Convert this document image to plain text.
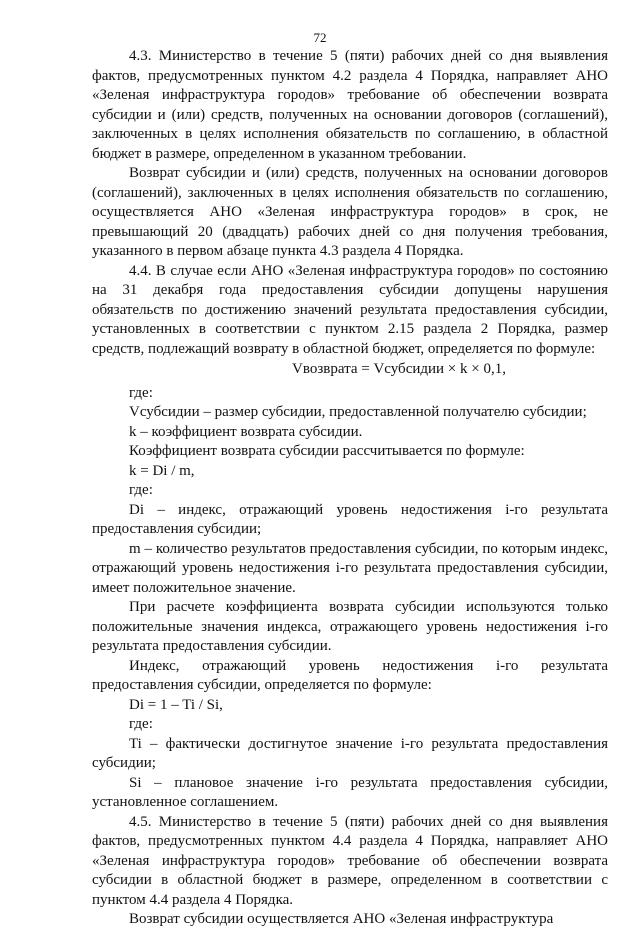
72

4.3. Министерство в течение 5 (пяти) рабочих дней со дня выявления фактов, предусмотренных пунктом 4.2 раздела 4 Порядка, направляет АНО «Зеленая инфраструктура городов» требование об обеспечении возврата субсидии и (или) средств, полученных на основании договоров (соглашений), заключенных в целях исполнения обязательств по соглашению, в областной бюджет в размере, определенном в указанном требовании.

Возврат субсидии и (или) средств, полученных на основании договоров (соглашений), заключенных в целях исполнения обязательств по соглашению, осуществляется АНО «Зеленая инфраструктура городов» в срок, не превышающий 20 (двадцать) рабочих дней со дня получения требования, указанного в первом абзаце пункта 4.3 раздела 4 Порядка.

4.4. В случае если АНО «Зеленая инфраструктура городов» по состоянию на 31 декабря года предоставления субсидии допущены нарушения обязательств по достижению значений результата предоставления субсидии, установленных в соответствии с пунктом 2.15 раздела 2 Порядка, размер средств, подлежащий возврату в областной бюджет, определяется по формуле:

Vвозврата = Vсубсидии × k × 0,1,

где:

Vсубсидии – размер субсидии, предоставленной получателю субсидии;

k – коэффициент возврата субсидии.

Коэффициент возврата субсидии рассчитывается по формуле:

k = Di / m,

где:

Di – индекс, отражающий уровень недостижения i-го результата предоставления субсидии;

m – количество результатов предоставления субсидии, по которым индекс, отражающий уровень недостижения i-го результата предоставления субсидии, имеет положительное значение.

При расчете коэффициента возврата субсидии используются только положительные значения индекса, отражающего уровень недостижения i-го результата предоставления субсидии.

Индекс, отражающий уровень недостижения i-го результата предоставления субсидии, определяется по формуле:

Di = 1 – Ti / Si,

где:

Ti – фактически достигнутое значение i-го результата предоставления субсидии;

Si – плановое значение i-го результата предоставления субсидии, установленное соглашением.

4.5. Министерство в течение 5 (пяти) рабочих дней со дня выявления фактов, предусмотренных пунктом 4.4 раздела 4 Порядка, направляет АНО «Зеленая инфраструктура городов» требование об обеспечении возврата субсидии в областной бюджет в размере, определенном в соответствии с пунктом 4.4 раздела 4 Порядка.

Возврат субсидии осуществляется АНО «Зеленая инфраструктура
